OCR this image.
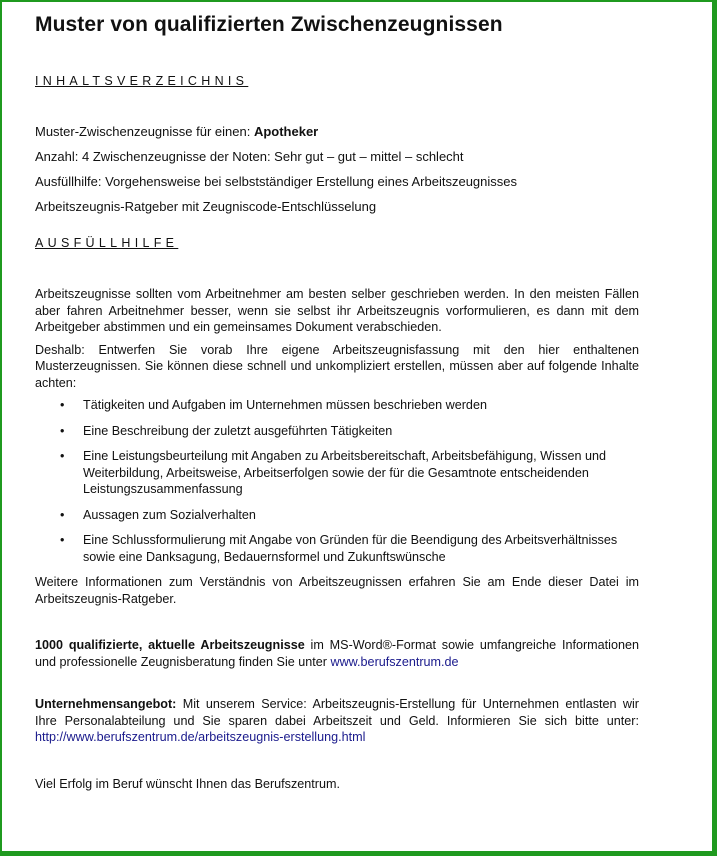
Muster von qualifizierten Zwischenzeugnissen
INHALTSVERZEICHNIS

Muster-Zwischenzeugnisse für einen: Apotheker

Anzahl: 4 Zwischenzeugnisse der Noten: Sehr gut – gut – mittel – schlecht

Ausfüllhilfe: Vorgehensweise bei selbstständiger Erstellung eines Arbeitszeugnisses

Arbeitszeugnis-Ratgeber mit Zeugniscode-Entschlüsselung

AUSFÜLLHILFE

Arbeitszeugnisse sollten vom Arbeitnehmer am besten selber geschrieben werden. In den meisten Fällen aber fahren Arbeitnehmer besser, wenn sie selbst ihr Arbeitszeugnis vorformulieren, es dann mit dem Arbeitgeber abstimmen und ein gemeinsames Dokument verabschieden.

Deshalb: Entwerfen Sie vorab Ihre eigene Arbeitszeugnisfassung mit den hier enthaltenen Musterzeugnissen. Sie können diese schnell und unkompliziert erstellen, müssen aber auf folgende Inhalte achten:

• Tätigkeiten und Aufgaben im Unternehmen müssen beschrieben werden
• Eine Beschreibung der zuletzt ausgeführten Tätigkeiten
• Eine Leistungsbeurteilung mit Angaben zu Arbeitsbereitschaft, Arbeitsbefähigung, Wissen und Weiterbildung, Arbeitsweise, Arbeitserfolgen sowie der für die Gesamtnote entscheidenden Leistungszusammenfassung
• Aussagen zum Sozialverhalten
• Eine Schlussformulierung mit Angabe von Gründen für die Beendigung des Arbeitsverhältnisses sowie eine Danksagung, Bedauernsformel und Zukunftswünsche

Weitere Informationen zum Verständnis von Arbeitszeugnissen erfahren Sie am Ende dieser Datei im Arbeitszeugnis-Ratgeber.

1000 qualifizierte, aktuelle Arbeitszeugnisse im MS-Word®-Format sowie umfangreiche Informationen und professionelle Zeugnisberatung finden Sie unter www.berufszentrum.de

Unternehmensangebot: Mit unserem Service: Arbeitszeugnis-Erstellung für Unternehmen entlasten wir Ihre Personalabteilung und Sie sparen dabei Arbeitszeit und Geld. Informieren Sie sich bitte unter: http://www.berufszentrum.de/arbeitszeugnis-erstellung.html

Viel Erfolg im Beruf wünscht Ihnen das Berufszentrum.
